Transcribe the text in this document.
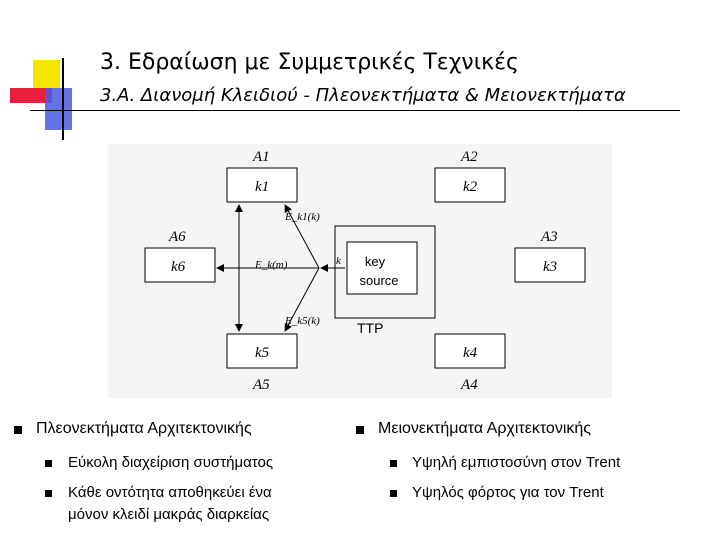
3. Εδραίωση με Συμμετρικές Τεχνικές
3.Α. Διανομή Κλειδιού - Πλεονεκτήματα & Μειονεκτήματα
key
source
TTP
k
E_k1(k)
E_k(m)
E_k5(k)
A1
k1
A2
k2
A6
k6
A3
k3
A5
k5
A4
k4
Πλεονεκτήματα Αρχιτεκτονικής
Εύκολη διαχείριση συστήματος
Κάθε οντότητα αποθηκεύει ένα
μόνον κλειδί μακράς διαρκείας
Μειονεκτήματα Αρχιτεκτονικής
Υψηλή εμπιστοσύνη στον Trent
Υψηλός φόρτος για τον Trent
